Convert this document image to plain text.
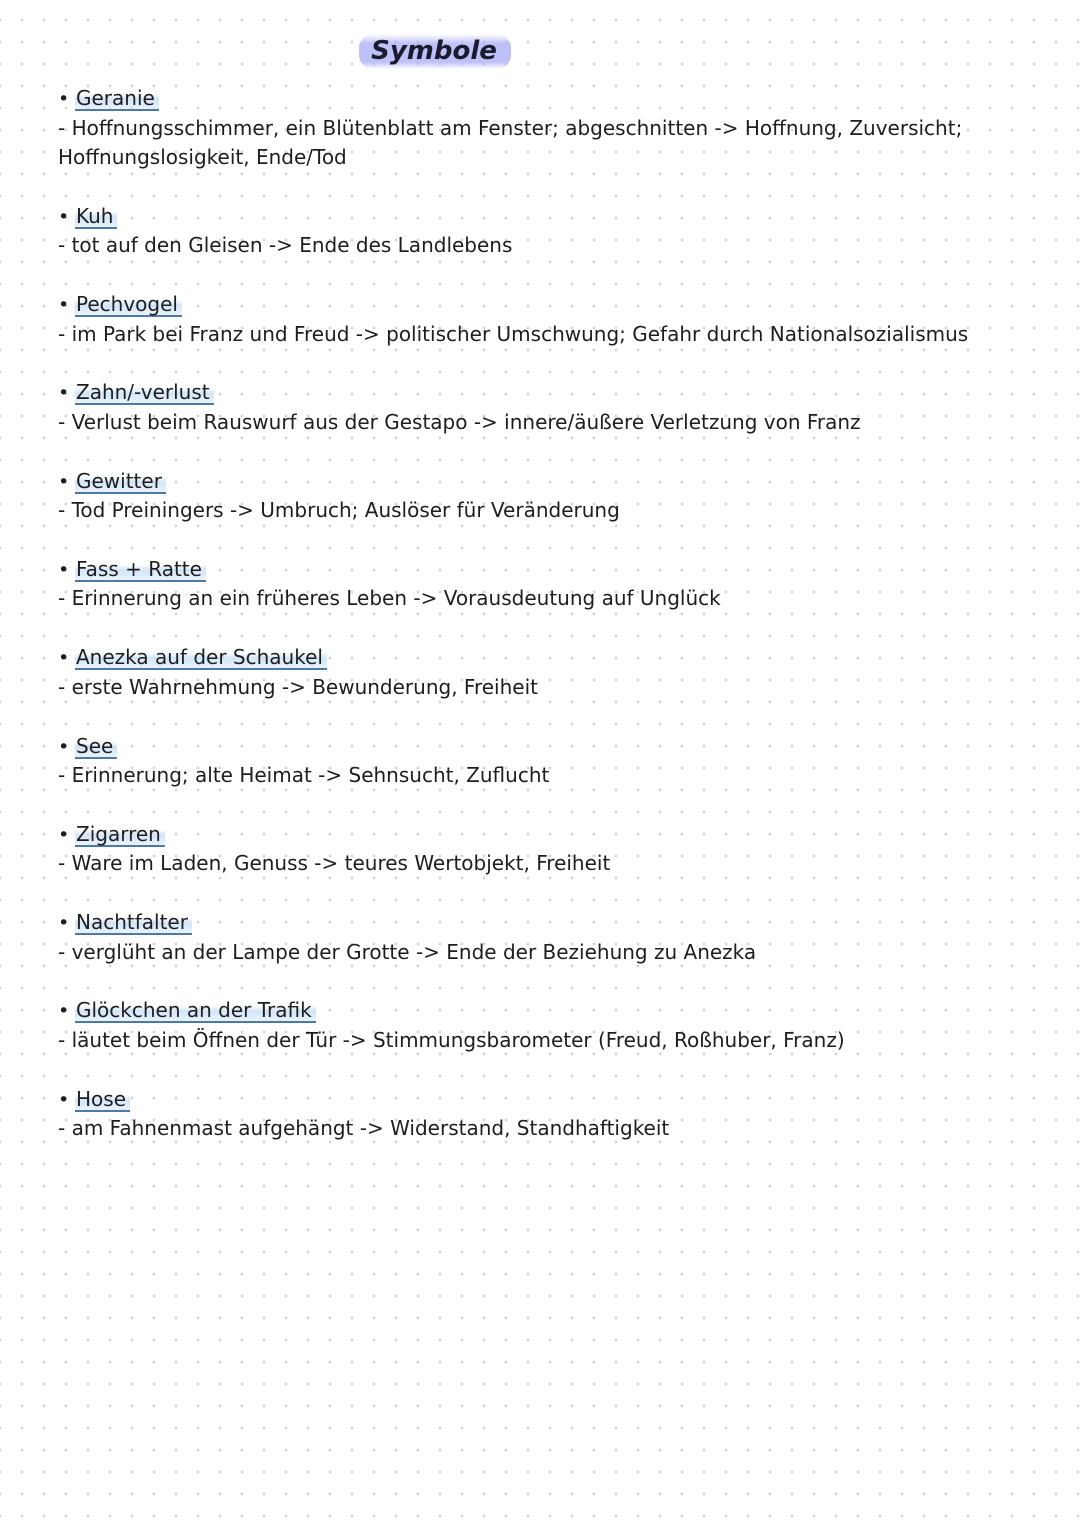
Symbole
• Geranie

- Hoffnungsschimmer, ein Blütenblatt am Fenster; abgeschnitten -> Hoffnung, Zuversicht; Hoffnungslosigkeit, Ende/Tod

• Kuh

- tot auf den Gleisen -> Ende des Landlebens

• Pechvogel

- im Park bei Franz und Freud -> politischer Umschwung; Gefahr durch Nationalsozialismus

• Zahn/-verlust

- Verlust beim Rauswurf aus der Gestapo -> innere/äußere Verletzung von Franz

• Gewitter

- Tod Preiningers -> Umbruch; Auslöser für Veränderung

• Fass + Ratte

- Erinnerung an ein früheres Leben -> Vorausdeutung auf Unglück

• Anezka auf der Schaukel

- erste Wahrnehmung -> Bewunderung, Freiheit

• See

- Erinnerung; alte Heimat -> Sehnsucht, Zuflucht

• Zigarren

- Ware im Laden, Genuss -> teures Wertobjekt, Freiheit

• Nachtfalter

- verglüht an der Lampe der Grotte -> Ende der Beziehung zu Anezka

• Glöckchen an der Trafik

- läutet beim Öffnen der Tür -> Stimmungsbarometer (Freud, Roßhuber, Franz)

• Hose

- am Fahnenmast aufgehängt -> Widerstand, Standhaftigkeit
